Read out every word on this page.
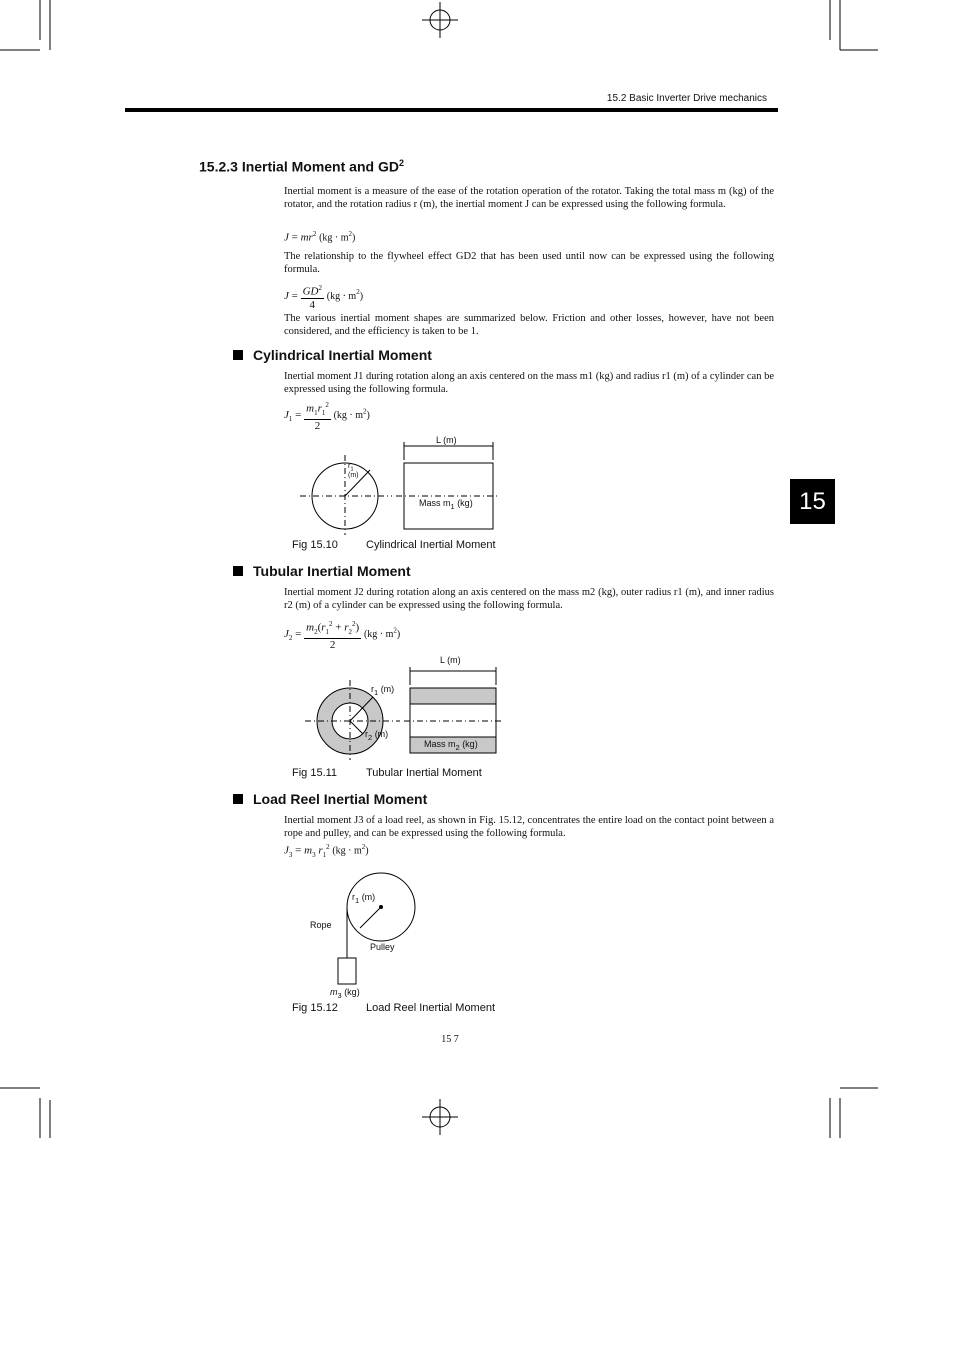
15.2 Basic Inverter Drive mechanics
15.2.3 Inertial Moment and $GD^2$
Inertial moment is a measure of the ease of the rotation operation of the rotator. Taking the total mass m (kg) of the rotator, and the rotation radius r (m), the inertial moment J can be expressed using the following formula.
$J = mr^2$ $(kg \cdot m^2)$
The relationship to the flywheel effect GD2 that has been used until now can be expressed using the following formula.
$J = \frac{GD^2}{4} (kg \cdot m^2)$
The various inertial moment shapes are summarized below. Friction and other losses, however, have not been considered, and the efficiency is taken to be 1.
Cylindrical Inertial Moment
Inertial moment J1 during rotation along an axis centered on the mass m1 (kg) and radius r1 (m) of a cylinder can be expressed using the following formula.
$J_1 = \frac{m_1r_1^2}{2} (kg \cdot m^2)$
L (m)
$r_1$
(m)
Mass $m_1$ (kg)
Fig 15.10	Cylindrical Inertial Moment
Tubular Inertial Moment
Inertial moment J2 during rotation along an axis centered on the mass m2 (kg), outer radius r1 (m), and inner radius r2 (m) of a cylinder can be expressed using the following formula.
$J_2 = \frac{m_2(r_1^2 + r_2^2)}{2} (kg \cdot m^2)$
L (m)
$r_1$ (m)
$r_2$ (m)
Mass $m_2$ (kg)
Fig 15.11	Tubular Inertial Moment
Load Reel Inertial Moment
Inertial moment J3 of a load reel, as shown in Fig. 15.12, concentrates the entire load on the contact point between a rope and pulley, and can be expressed using the following formula.
$J_3 = m_3$ $r_1^2$ $(kg \cdot m^2)$
$r_1$ (m)
Rope
Pulley
$m_3$ (kg)
Fig 15.12	Load Reel Inertial Moment
15
15 7
